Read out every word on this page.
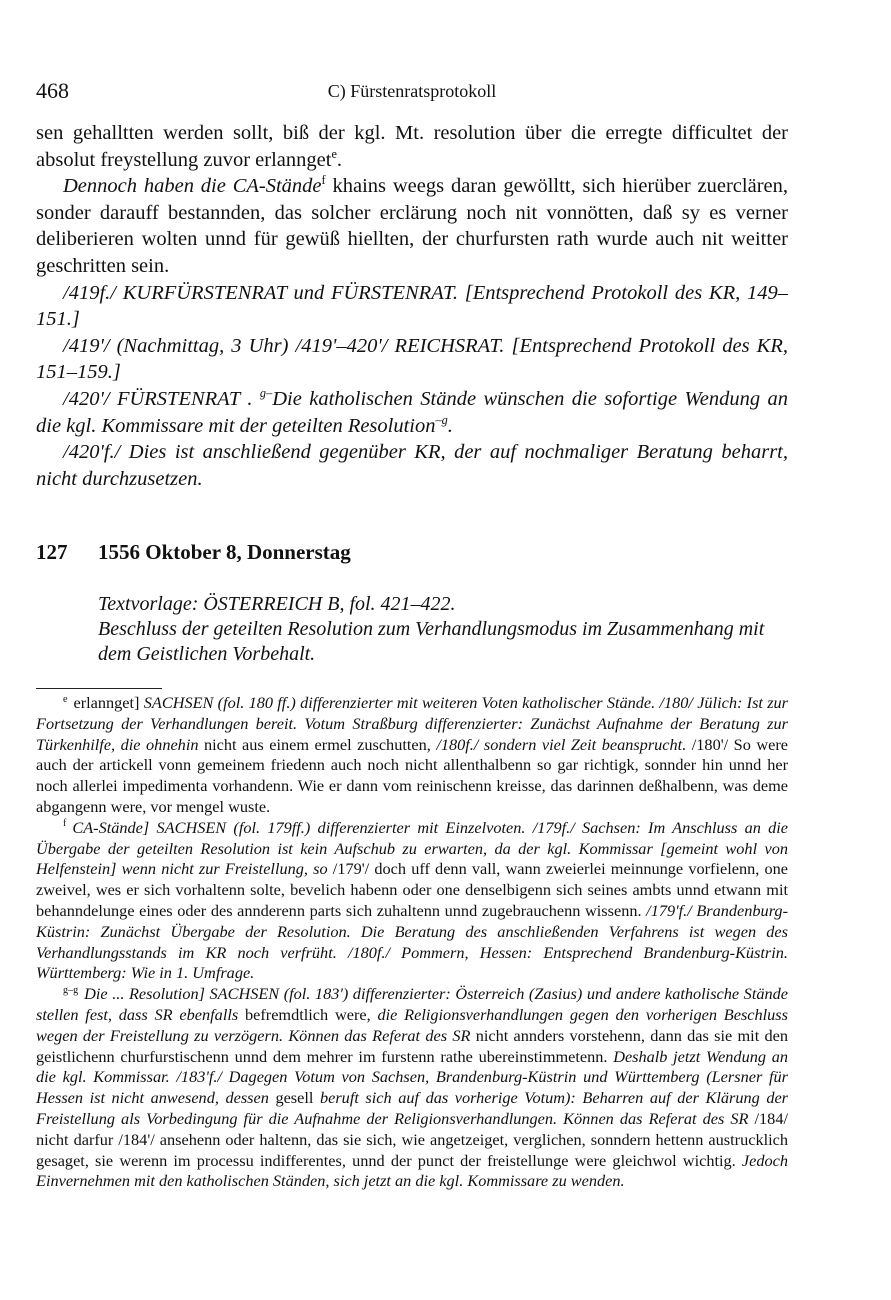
468	C) Fürstenratsprotokoll

sen gehalltten werden sollt, biß der kgl. Mt. resolution über die erregte difficultet der absolut freystellung zuvor erlannget$^e$.

Dennoch haben die CA-Stände$^f$ khains weegs daran gewölltt, sich hierüber zuerclären, sonder darauff bestannden, das solcher erclärung noch nit vonnötten, daß sy es verner deliberieren wolten unnd für gewüß hiellten, der churfursten rath wurde auch nit weitter geschritten sein.

/419f./ KURFÜRSTENRAT und FÜRSTENRAT. [Entsprechend Protokoll des KR, 149–151.]

/419'/ (Nachmittag, 3 Uhr) /419'–420'/ REICHSRAT. [Entsprechend Protokoll des KR, 151–159.]

/420'/ FÜRSTENRAT . $^{g-}$Die katholischen Stände wünschen die sofortige Wendung an die kgl. Kommissare mit der geteilten Resolution$^{-g}$.

/420'f./ Dies ist anschließend gegenüber KR, der auf nochmaliger Beratung beharrt, nicht durchzusetzen.

127 1556 Oktober 8, Donnerstag
Textvorlage: ÖSTERREICH B, fol. 421–422.
Beschluss der geteilten Resolution zum Verhandlungsmodus im Zusammenhang mit dem Geistlichen Vorbehalt.

$^e$ erlannget] SACHSEN (fol. 180 ff.) differenzierter mit weiteren Voten katholischer Stände. /180/ Jülich: Ist zur Fortsetzung der Verhandlungen bereit. Votum Straßburg differenzierter: Zunächst Aufnahme der Beratung zur Türkenhilfe, die ohnehin nicht aus einem ermel zuschutten, /180f./ sondern viel Zeit beansprucht. /180'/ So were auch der artickell vonn gemeinem friedenn auch noch nicht allenthalbenn so gar richtigk, sonnder hin unnd her noch allerlei impedimenta vorhandenn. Wie er dann vom reinischenn kreisse, das darinnen deßhalbenn, was deme abgangenn were, vor mengel wuste.

$^f$ CA-Stände] SACHSEN (fol. 179ff.) differenzierter mit Einzelvoten. /179f./ Sachsen: Im Anschluss an die Übergabe der geteilten Resolution ist kein Aufschub zu erwarten, da der kgl. Kommissar [gemeint wohl von Helfenstein] wenn nicht zur Freistellung, so /179'/ doch uff denn vall, wann zweierlei meinnunge vorfielenn, one zweivel, wes er sich vorhaltenn solte, bevelich habenn oder one denselbigenn sich seines ambts unnd etwann mit behanndelunge eines oder des annderenn parts sich zuhaltenn unnd zugebrauchenn wissenn. /179'f./ Brandenburg-Küstrin: Zunächst Übergabe der Resolution. Die Beratung des anschließenden Verfahrens ist wegen des Verhandlungsstands im KR noch verfrüht. /180f./ Pommern, Hessen: Entsprechend Brandenburg-Küstrin. Württemberg: Wie in 1. Umfrage.

$^{g-g}$ Die ... Resolution] SACHSEN (fol. 183') differenzierter: Österreich (Zasius) und andere katholische Stände stellen fest, dass SR ebenfalls befremdtlich were, die Religionsverhandlungen gegen den vorherigen Beschluss wegen der Freistellung zu verzögern. Können das Referat des SR nicht annders vorstehenn, dann das sie mit den geistlichenn churfurstischenn unnd dem mehrer im furstenn rathe ubereinstimmetenn. Deshalb jetzt Wendung an die kgl. Kommissar. /183'f./ Dagegen Votum von Sachsen, Brandenburg-Küstrin und Württemberg (Lersner für Hessen ist nicht anwesend, dessen gesell beruft sich auf das vorherige Votum): Beharren auf der Klärung der Freistellung als Vorbedingung für die Aufnahme der Religionsverhandlungen. Können das Referat des SR /184/ nicht darfur /184'/ ansehenn oder haltenn, das sie sich, wie angetzeiget, verglichen, sonndern hettenn austrucklich gesaget, sie werenn im processu indifferentes, unnd der punct der freistellunge were gleichwol wichtig. Jedoch Einvernehmen mit den katholischen Ständen, sich jetzt an die kgl. Kommissare zu wenden.
